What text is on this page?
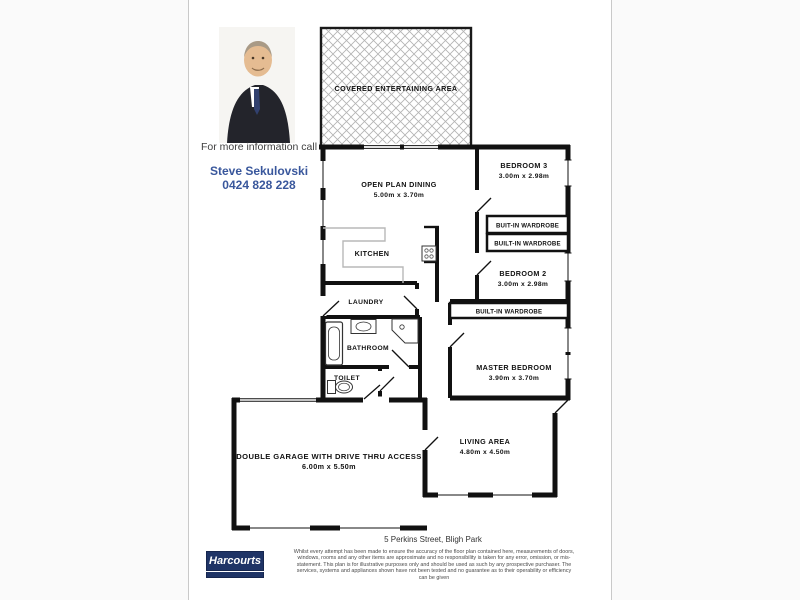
For more information call
Steve Sekulovski
0424 828 228
COVERED ENTERTAINING AREA
OPEN PLAN DINING
5.00m x 3.70m
KITCHEN
LAUNDRY
BATHROOM
TOILET
BEDROOM 3
3.00m x 2.98m
BUIT-IN WARDROBE
BUILT-IN WARDROBE
BEDROOM 2
3.00m x 2.98m
BUILT-IN WARDROBE
MASTER BEDROOM
3.90m x 3.70m
LIVING AREA
4.80m x 4.50m
DOUBLE GARAGE WITH DRIVE THRU ACCESS
6.00m x 5.50m
5 Perkins Street, Bligh Park
Harcourts
Whilst every attempt has been made to ensure the accuracy of the floor plan contained here, measurements of doors, windows, rooms and any other items are approximate and no responsibility is taken for any error, omission, or mis-statement. This plan is for illustrative purposes only and should be used as such by any prospective purchaser. The services, systems and appliances shown have not been tested and no guarantee as to their operability or efficiency can be given
